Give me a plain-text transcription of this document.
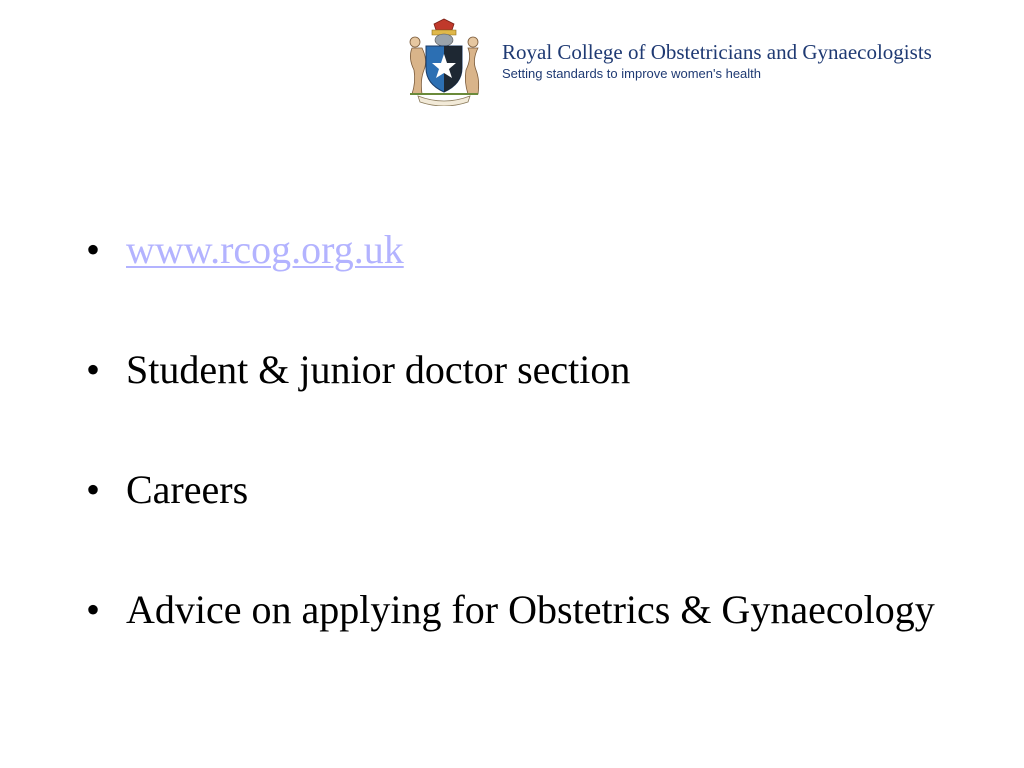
Royal College of Obstetricians and Gynaecologists
Setting standards to improve women's health
• www.rcog.org.uk
• Student & junior doctor section
• Careers
• Advice on applying for Obstetrics & Gynaecology
